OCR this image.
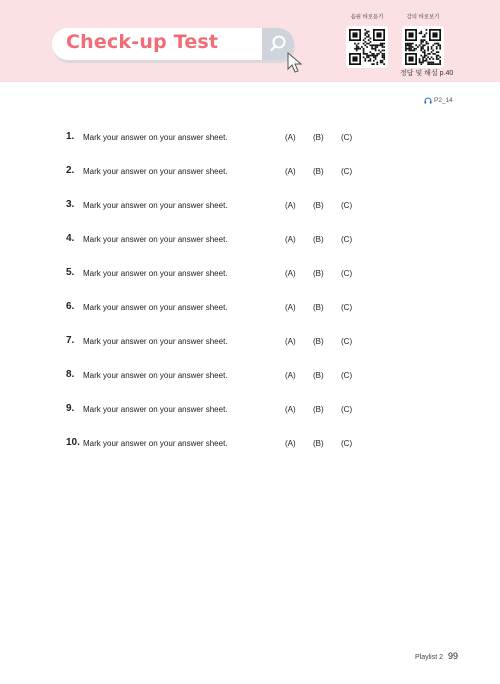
Check-up Test
음원 바로듣기	강의 바로보기
정답 및 해설 p.40
P2_14
1. Mark your answer on your answer sheet.	(A) (B) (C)
2. Mark your answer on your answer sheet.	(A) (B) (C)
3. Mark your answer on your answer sheet.	(A) (B) (C)
4. Mark your answer on your answer sheet.	(A) (B) (C)
5. Mark your answer on your answer sheet.	(A) (B) (C)
6. Mark your answer on your answer sheet.	(A) (B) (C)
7. Mark your answer on your answer sheet.	(A) (B) (C)
8. Mark your answer on your answer sheet.	(A) (B) (C)
9. Mark your answer on your answer sheet.	(A) (B) (C)
10. Mark your answer on your answer sheet.	(A) (B) (C)
Playlist 2 99
